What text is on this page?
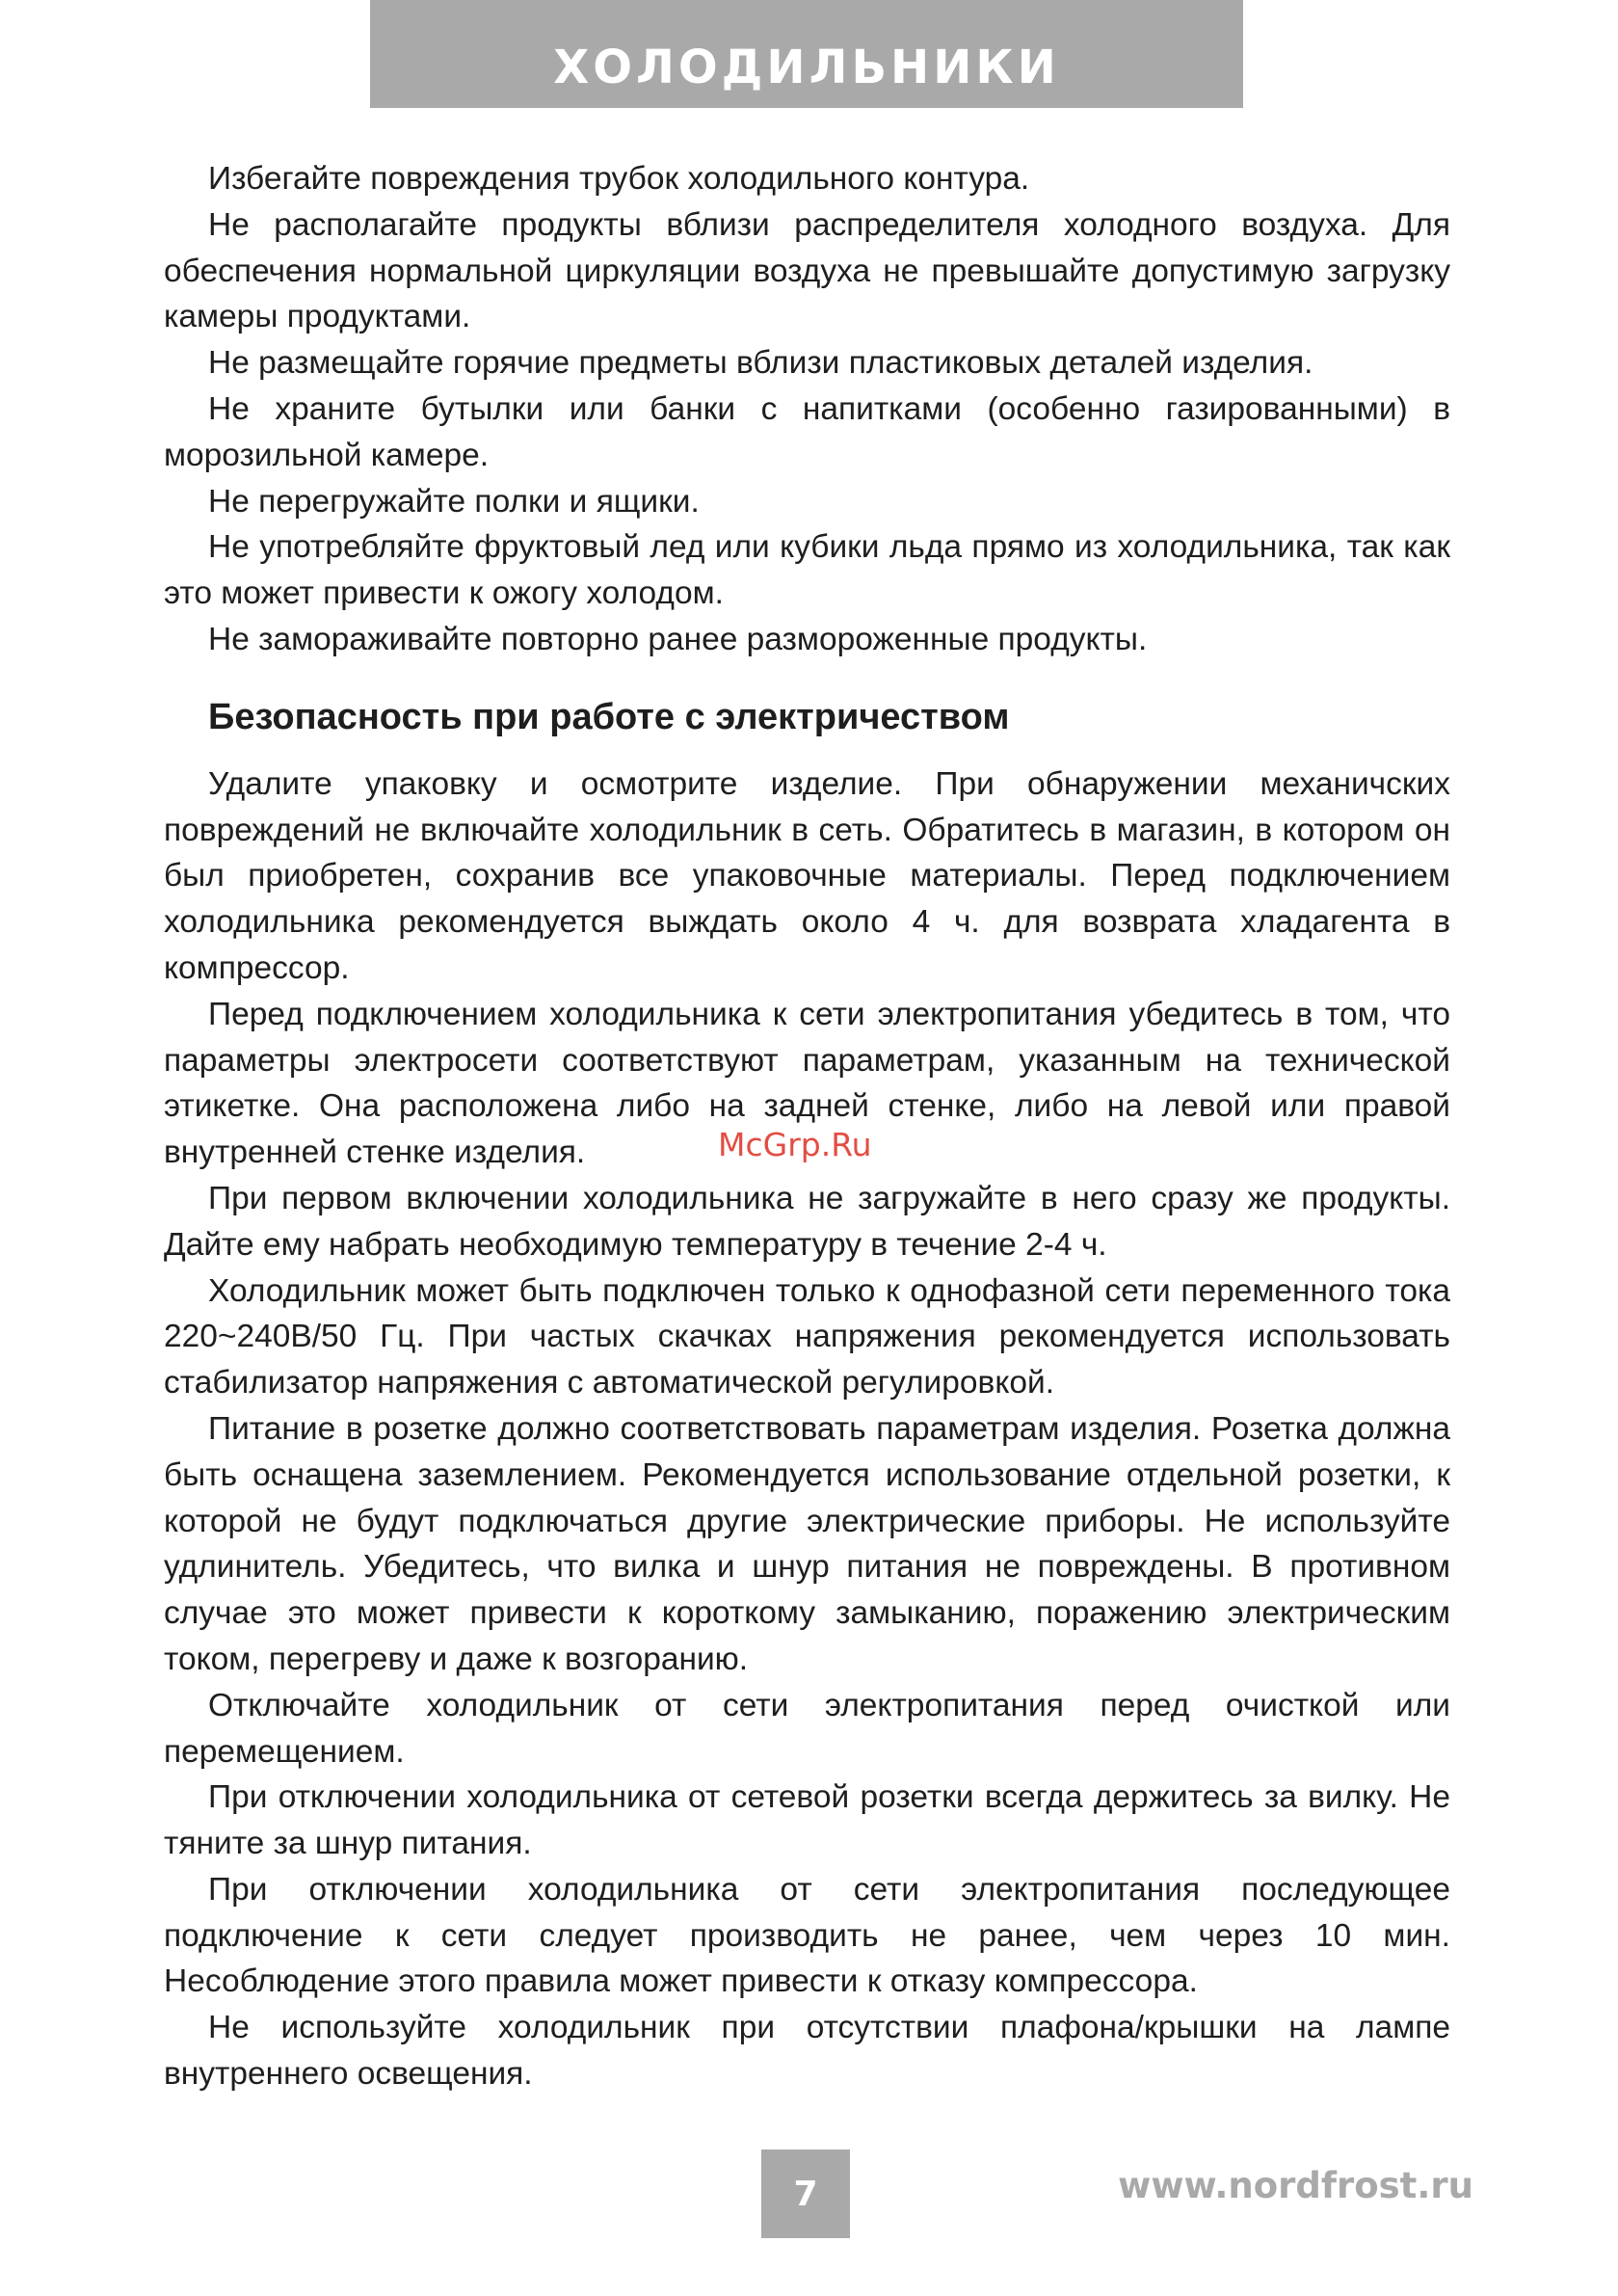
ХОЛОДИЛЬНИКИ

Избегайте повреждения трубок холодильного контура.

Не располагайте продукты вблизи распределителя холодного воздуха. Для обеспечения нормальной циркуляции воздуха не превышайте допустимую загрузку камеры продуктами.

Не размещайте горячие предметы вблизи пластиковых деталей изделия.

Не храните бутылки или банки с напитками (особенно газированными) в морозильной камере.

Не перегружайте полки и ящики.

Не употребляйте фруктовый лед или кубики льда прямо из холодильника, так как это может привести к ожогу холодом.

Не замораживайте повторно ранее размороженные продукты.

Безопасность при работе с электричеством

Удалите упаковку и осмотрите изделие. При обнаружении механичских повреждений не включайте холодильник в сеть. Обратитесь в магазин, в котором он был приобретен, сохранив все упаковочные материалы. Перед подключением холодильника рекомендуется выждать около 4 ч. для возврата хладагента в компрессор.

Перед подключением холодильника к сети электропитания убедитесь в том, что параметры электросети соответствуют параметрам, указанным на технической этикетке. Она расположена либо на задней стенке, либо на левой или правой внутренней стенке изделия.

При первом включении холодильника не загружайте в него сразу же продукты. Дайте ему набрать необходимую температуру в течение 2-4 ч.

Холодильник может быть подключен только к однофазной сети переменного тока 220~240В/50 Гц. При частых скачках напряжения рекомендуется использовать стабилизатор напряжения с автоматической регулировкой.

Питание в розетке должно соответствовать параметрам изделия. Розетка должна быть оснащена заземлением. Рекомендуется использование отдельной розетки, к которой не будут подключаться другие электрические приборы. Не используйте удлинитель. Убедитесь, что вилка и шнур питания не повреждены. В противном случае это может привести к короткому замыканию, поражению электрическим током, перегреву и даже к возгоранию.

Отключайте холодильник от сети электропитания перед очисткой или перемещением.

При отключении холодильника от сетевой розетки всегда держитесь за вилку. Не тяните за шнур питания.

При отключении холодильника от сети электропитания последующее подключение к сети следует производить не ранее, чем через 10 мин. Несоблюдение этого правила может привести к отказу компрессора.

Не используйте холодильник при отсутствии плафона/крышки на лампе внутреннего освещения.

McGrp.Ru
7	www.nordfrost.ru
